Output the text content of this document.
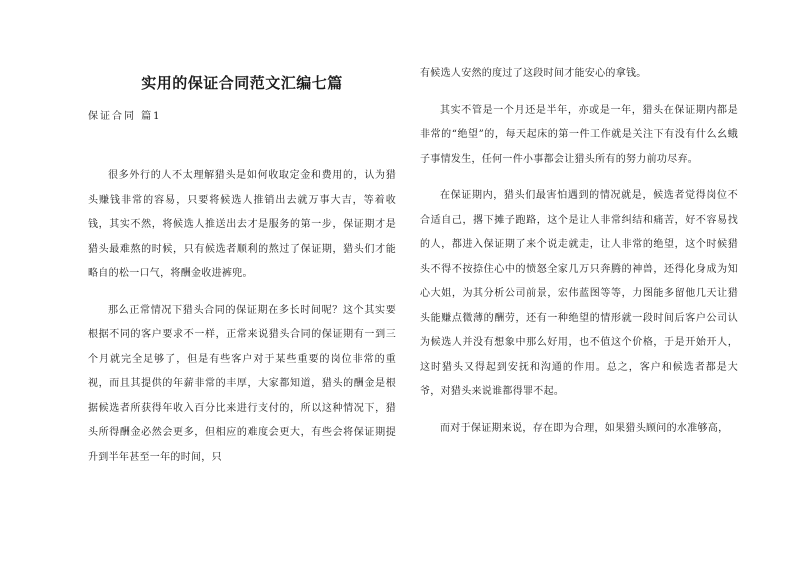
实用的保证合同范文汇编七篇
保证合同 篇1

很多外行的人不太理解猎头是如何收取定金和费用的，认为猎头赚钱非常的容易，只要将候选人推销出去就万事大吉，等着收钱，其实不然，将候选人推送出去才是服务的第一步，保证期才是猎头最难熬的时候，只有候选者顺利的熬过了保证期，猎头们才能略自的松一口气，将酬金收进裤兜。

那么正常情况下猎头合同的保证期在多长时间呢？这个其实要根据不同的客户要求不一样，正常来说猎头合同的保证期有一到三个月就完全足够了，但是有些客户对于某些重要的岗位非常的重视，而且其提供的年薪非常的丰厚，大家都知道，猎头的酬金是根据候选者所获得年收入百分比来进行支付的，所以这种情况下，猎头所得酬金必然会更多，但相应的难度会更大，有些会将保证期提升到半年甚至一年的时间，只

有候选人安然的度过了这段时间才能安心的拿钱。

其实不管是一个月还是半年，亦或是一年，猎头在保证期内都是非常的“绝望”的，每天起床的第一件工作就是关注下有没有什么幺蛾子事情发生，任何一件小事都会让猎头所有的努力前功尽弃。

在保证期内，猎头们最害怕遇到的情况就是，候选者觉得岗位不合适自己，撂下摊子跑路，这个是让人非常纠结和痛苦，好不容易找的人，都进入保证期了来个说走就走，让人非常的绝望，这个时候猎头不得不按捺住心中的愤怒全家几万只奔腾的神兽，还得化身成为知心大姐，为其分析公司前景，宏伟蓝图等等，力图能多留他几天让猎头能赚点微薄的酬劳，还有一种绝望的情形就一段时间后客户公司认为候选人并没有想象中那么好用，也不值这个价格，于是开始开人，这时猎头又得起到安抚和沟通的作用。总之，客户和候选者都是大爷，对猎头来说谁都得罪不起。

而对于保证期来说，存在即为合理，如果猎头顾问的水准够高，
